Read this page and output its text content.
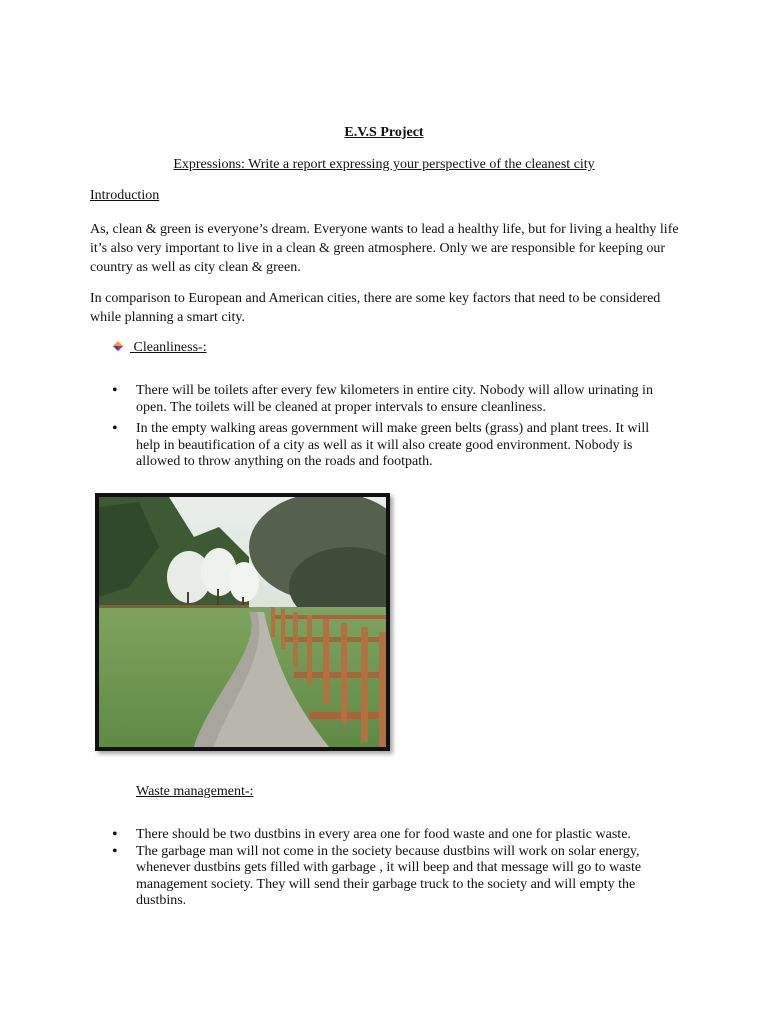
E.V.S Project
Expressions: Write a report expressing your perspective of the cleanest city
Introduction
As, clean & green is everyone’s dream. Everyone wants to lead a healthy life, but for living a healthy life it’s also very important to live in a clean & green atmosphere. Only we are responsible for keeping our country as well as city clean & green.
In comparison to European and American cities, there are some key factors that need to be considered while planning a smart city.
Cleanliness-:
• There will be toilets after every few kilometers in entire city. Nobody will allow urinating in open. The toilets will be cleaned at proper intervals to ensure cleanliness.
• In the empty walking areas government will make green belts (grass) and plant trees. It will help in beautification of a city as well as it will also create good environment. Nobody is allowed to throw anything on the roads and footpath.
Waste management-:
• There should be two dustbins in every area one for food waste and one for plastic waste.
• The garbage man will not come in the society because dustbins will work on solar energy, whenever dustbins gets filled with garbage , it will beep and that message will go to waste management society. They will send their garbage truck to the society and will empty the dustbins.
